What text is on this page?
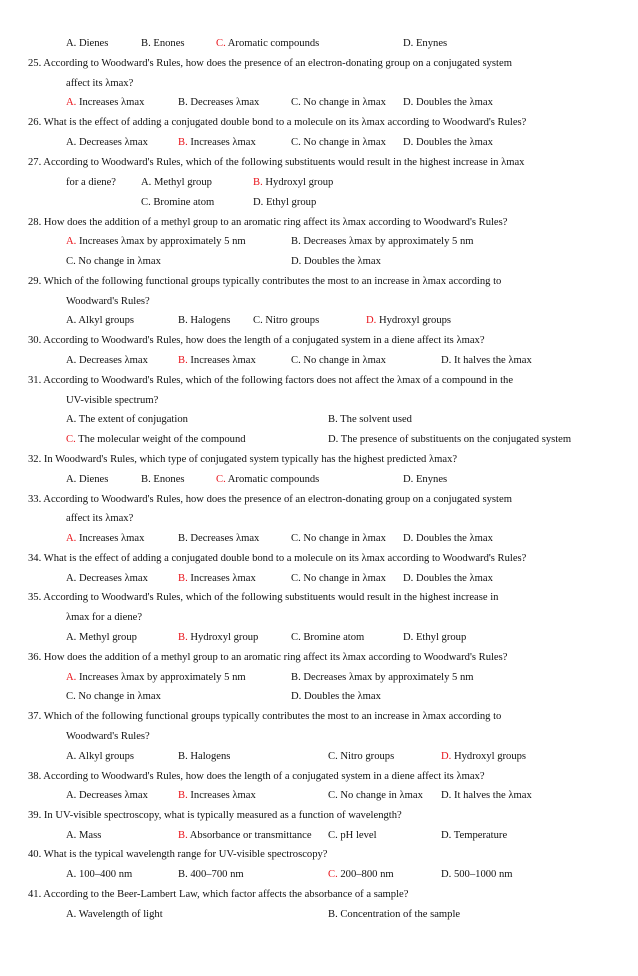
A. Dienes	B. Enones	C. Aromatic compounds	D. Enynes
25. According to Woodward's Rules, how does the presence of an electron-donating group on a conjugated system
affect its λmax?
A. Increases λmax	B. Decreases λmax	C. No change in λmax D. Doubles the λmax
26. What is the effect of adding a conjugated double bond to a molecule on its λmax according to Woodward's Rules?
A. Decreases λmax	B. Increases λmax	C. No change in λmax D. Doubles the λmax
27. According to Woodward's Rules, which of the following substituents would result in the highest increase in λmax
for a diene? A. Methyl group	B. Hydroxyl group
C. Bromine atom	D. Ethyl group
28. How does the addition of a methyl group to an aromatic ring affect its λmax according to Woodward's Rules?
A. Increases λmax by approximately 5 nm	B. Decreases λmax by approximately 5 nm
C. No change in λmax	D. Doubles the λmax
29. Which of the following functional groups typically contributes the most to an increase in λmax according to
Woodward's Rules?
A. Alkyl groups	B. Halogens C. Nitro groups	D. Hydroxyl groups
30. According to Woodward's Rules, how does the length of a conjugated system in a diene affect its λmax?
A. Decreases λmax	B. Increases λmax	C. No change in λmax	D. It halves the λmax
31. According to Woodward's Rules, which of the following factors does not affect the λmax of a compound in the
UV-visible spectrum?
A. The extent of conjugation	B. The solvent used
C. The molecular weight of the compound	D. The presence of substituents on the conjugated system
32. In Woodward's Rules, which type of conjugated system typically has the highest predicted λmax?
A. Dienes	B. Enones	C. Aromatic compounds	D. Enynes
33. According to Woodward's Rules, how does the presence of an electron-donating group on a conjugated system
affect its λmax?
A. Increases λmax	B. Decreases λmax	C. No change in λmax D. Doubles the λmax
34. What is the effect of adding a conjugated double bond to a molecule on its λmax according to Woodward's Rules?
A. Decreases λmax	B. Increases λmax	C. No change in λmax D. Doubles the λmax
35. According to Woodward's Rules, which of the following substituents would result in the highest increase in
λmax for a diene?
A. Methyl group	B. Hydroxyl group	C. Bromine atom	D. Ethyl group
36. How does the addition of a methyl group to an aromatic ring affect its λmax according to Woodward's Rules?
A. Increases λmax by approximately 5 nm	B. Decreases λmax by approximately 5 nm
C. No change in λmax	D. Doubles the λmax
37. Which of the following functional groups typically contributes the most to an increase in λmax according to
Woodward's Rules?
A. Alkyl groups	B. Halogens	C. Nitro groups	D. Hydroxyl groups
38. According to Woodward's Rules, how does the length of a conjugated system in a diene affect its λmax?
A. Decreases λmax	B. Increases λmax	C. No change in λmax D. It halves the λmax
39. In UV-visible spectroscopy, what is typically measured as a function of wavelength?
A. Mass	B. Absorbance or transmittance C. pH level	D. Temperature
40. What is the typical wavelength range for UV-visible spectroscopy?
A. 100–400 nm	B. 400–700 nm	C. 200–800 nm	D. 500–1000 nm
41. According to the Beer-Lambert Law, which factor affects the absorbance of a sample?
A. Wavelength of light	B. Concentration of the sample
